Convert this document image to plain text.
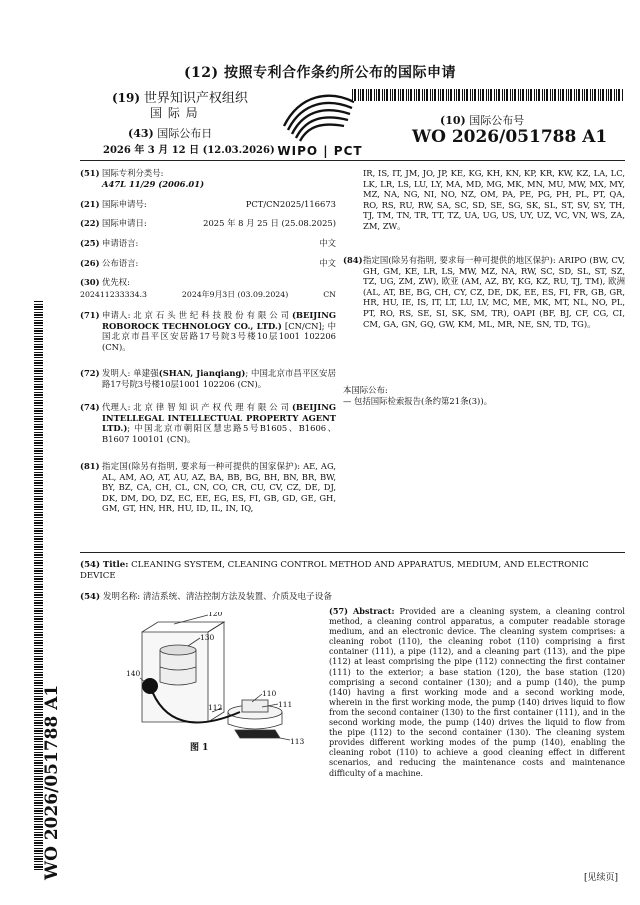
(12) 按照专利合作条约所公布的国际申请
(19) 世界知识产权组织
国 际 局
(43) 国际公布日
2026 年 3 月 12 日 (12.03.2026) WIPO | PCT
(10) 国际公布号
WO 2026/051788 A1
(51) 国际专利分类号:
A47L 11/29 (2006.01)
(21) 国际申请号:	PCT/CN2025/116673
(22) 国际申请日:	2025 年 8 月 25 日 (25.08.2025)
(25) 申请语言:	中文
(26) 公布语言:	中文
(30) 优先权:
202411233334.3	2024年9月3日 (03.09.2024)	CN
(71) 申请人: 北 京 石 头 世 纪 科 技 股 份 有 限 公 司 (BEIJING ROBOROCK TECHNOLOGY CO., LTD.) [CN/CN]; 中国北京市昌平区安居路17号院3号楼10层1001 102206 (CN)。
(72) 发明人: 单建强(SHAN, Jianqiang); 中国北京市昌平区安居路17号院3号楼10层1001 102206 (CN)。
(74) 代理人: 北 京 律 智 知 识 产 权 代 理 有 限 公 司 (BEIJING INTELLEGAL INTELLECTUAL PROPERTY AGENT LTD.); 中国北京市朝阳区慧忠路5号B1605、B1606、B1607 100101 (CN)。
(81) 指定国(除另有指明, 要求每一种可提供的国家保护): AE, AG, AL, AM, AO, AT, AU, AZ, BA, BB, BG, BH, BN, BR, BW, BY, BZ, CA, CH, CL, CN, CO, CR, CU, CV, CZ, DE, DJ, DK, DM, DO, DZ, EC, EE, EG, ES, FI, GB, GD, GE, GH, GM, GT, HN, HR, HU, ID, IL, IN, IQ,
IR, IS, IT, JM, JO, JP, KE, KG, KH, KN, KP, KR, KW, KZ, LA, LC, LK, LR, LS, LU, LY, MA, MD, MG, MK, MN, MU, MW, MX, MY, MZ, NA, NG, NI, NO, NZ, OM, PA, PE, PG, PH, PL, PT, QA, RO, RS, RU, RW, SA, SC, SD, SE, SG, SK, SL, ST, SV, SY, TH, TJ, TM, TN, TR, TT, TZ, UA, UG, US, UY, UZ, VC, VN, WS, ZA, ZM, ZW。
(84) 指定国(除另有指明, 要求每一种可提供的地区保护): ARIPO (BW, CV, GH, GM, KE, LR, LS, MW, MZ, NA, RW, SC, SD, SL, ST, SZ, TZ, UG, ZM, ZW), 欧亚 (AM, AZ, BY, KG, KZ, RU, TJ, TM), 欧洲 (AL, AT, BE, BG, CH, CY, CZ, DE, DK, EE, ES, FI, FR, GB, GR, HR, HU, IE, IS, IT, LT, LU, LV, MC, ME, MK, MT, NL, NO, PL, PT, RO, RS, SE, SI, SK, SM, TR), OAPI (BF, BJ, CF, CG, CI, CM, GA, GN, GQ, GW, KM, ML, MR, NE, SN, TD, TG)。
本国际公布:
— 包括国际检索报告(条约第21条(3))。
(54) Title: CLEANING SYSTEM, CLEANING CONTROL METHOD AND APPARATUS, MEDIUM, AND ELECTRONIC DEVICE
(54) 发明名称: 清洁系统、清洁控制方法及装置、介质及电子设备
120
130
140
110
111
112
113
图 1
(57) Abstract: Provided are a cleaning system, a cleaning control method, a cleaning control apparatus, a computer readable storage medium, and an electronic device. The cleaning system comprises: a cleaning robot (110), the cleaning robot (110) comprising a first container (111), a pipe (112), and a cleaning part (113), and the pipe (112) at least comprising the pipe (112) connecting the first container (111) to the exterior; a base station (120), the base station (120) comprising a second container (130); and a pump (140), the pump (140) having a first working mode and a second working mode, wherein in the first working mode, the pump (140) drives liquid to flow from the second container (130) to the first container (111), and in the second working mode, the pump (140) drives the liquid to flow from the pipe (112) to the second container (130). The cleaning system provides different working modes of the pump (140), enabling the cleaning robot (110) to achieve a good cleaning effect in different scenarios, and reducing the maintenance costs and maintenance difficulty of a machine.
WO 2026/051788 A1	[见续页]
